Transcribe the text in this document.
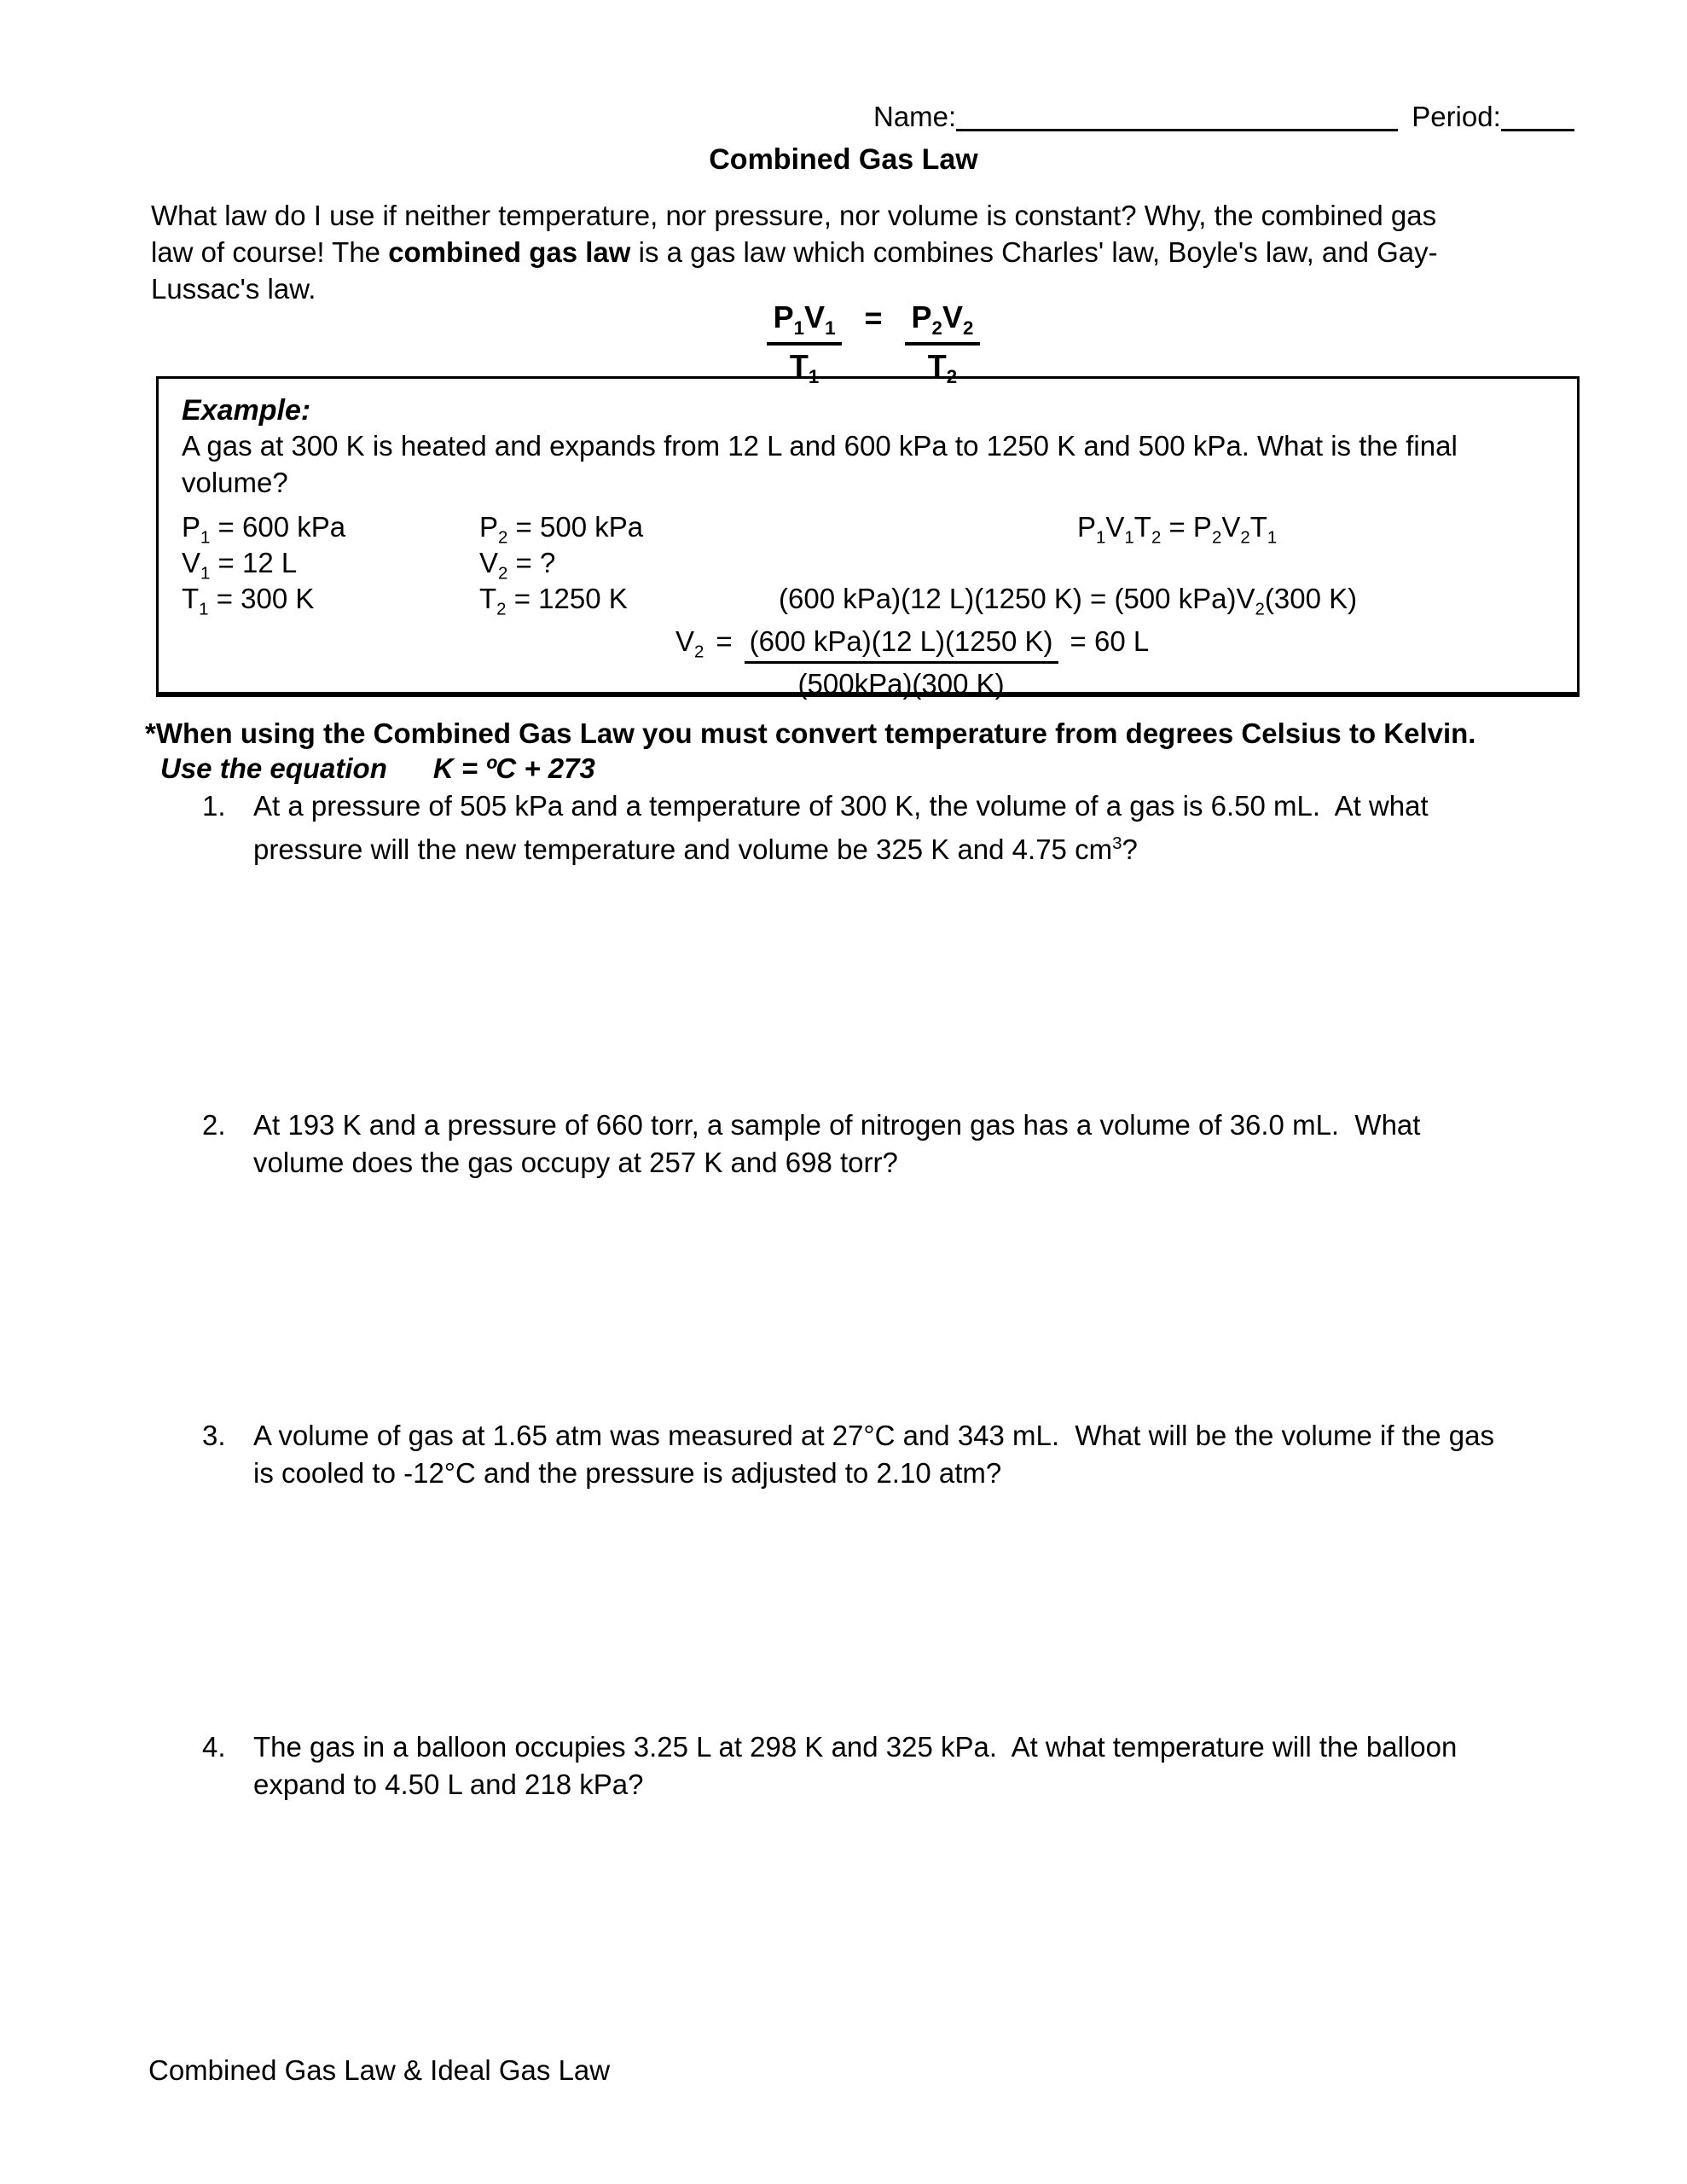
Name:	Period:
Combined Gas Law
What law do I use if neither temperature, nor pressure, nor volume is constant? Why, the combined gas
law of course! The combined gas law is a gas law which combines Charles' law, Boyle's law, and Gay-
Lussac's law.
$\frac{P_1V_1}{T_1} = \frac{P_2V_2}{T_2}$
Example:
A gas at 300 K is heated and expands from 12 L and 600 kPa to 1250 K and 500 kPa. What is the final
volume?
$P_1 = 600$ kPa
$V_1 = 12$ L
$T_1 = 300$ K
$P_2 = 500$ kPa
$V_2$ = ?
$T_2 = 1250$ K
$P_1V_1T_2 = P_2V_2T_1$
(600 kPa)(12 L)(1250 K) = (500 $kPa)V_2(300$ K)
$V_2 = \frac{\text{(600 kPa)(12 L)(1250 K)}}{\text{(500kPa)(300 K)}} = 60$ L
*When using the Combined Gas Law you must convert temperature from degrees Celsius to Kelvin.
Use the equation K = ºC + 273
1. At a pressure of 505 kPa and a temperature of 300 K, the volume of a gas is 6.50 mL.  At what
pressure will the new temperature and volume be 325 K and 4.75 $cm^3$?
2. At 193 K and a pressure of 660 torr, a sample of nitrogen gas has a volume of 36.0 mL.  What
volume does the gas occupy at 257 K and 698 torr?
3. A volume of gas at 1.65 atm was measured at 27°C and 343 mL.  What will be the volume if the gas
is cooled to -12°C and the pressure is adjusted to 2.10 atm?
4. The gas in a balloon occupies 3.25 L at 298 K and 325 kPa.  At what temperature will the balloon
expand to 4.50 L and 218 kPa?
Combined Gas Law & Ideal Gas Law
